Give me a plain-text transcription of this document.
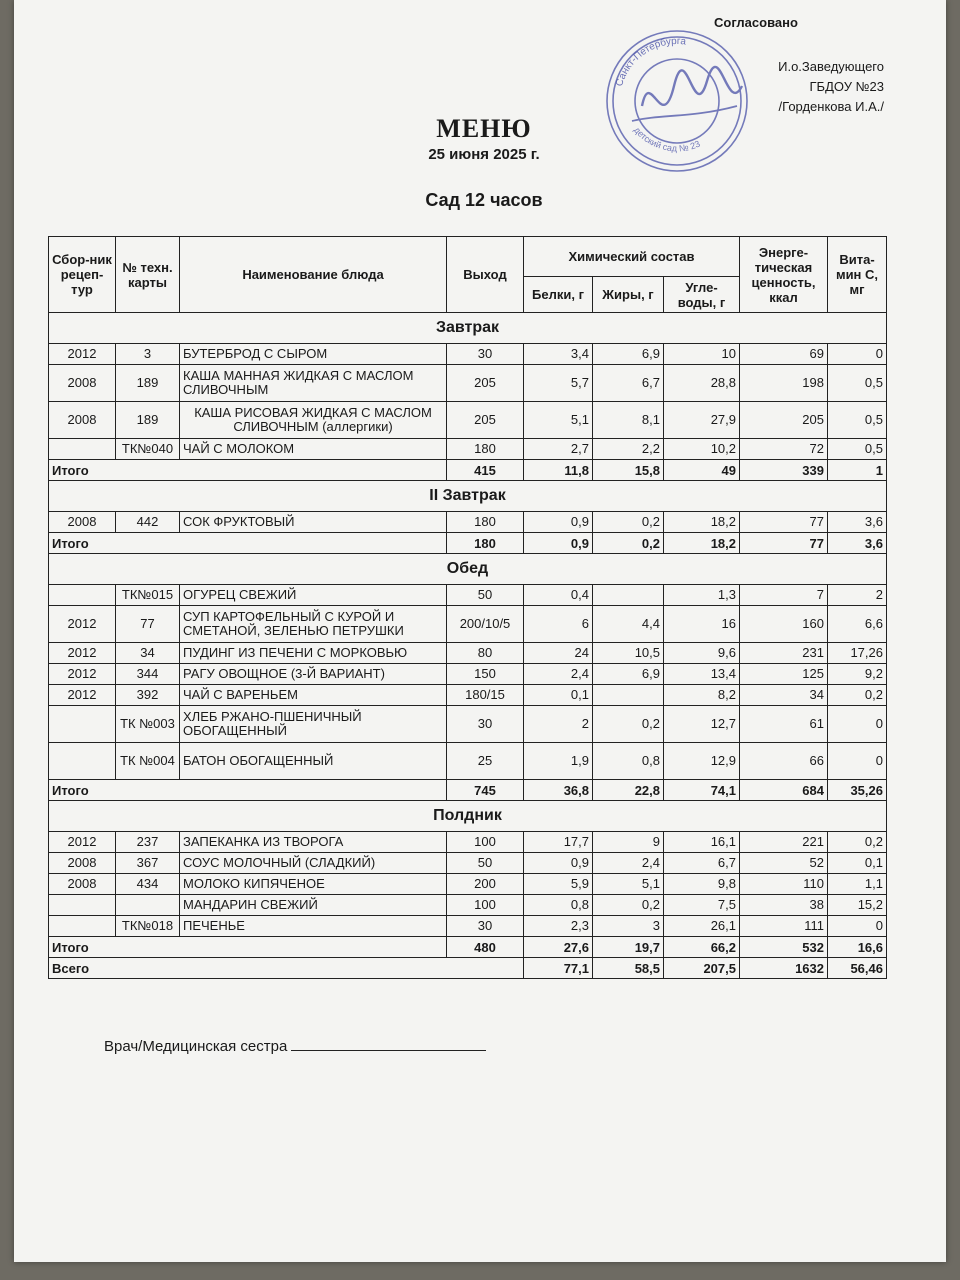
Согласовано
И.о.Заведующего
ГБДОУ №23
/Горденкова И.А./
Санкт-Петербурга
детский сад № 23
МЕНЮ
25 июня 2025 г.
Сад 12 часов
Сбор-ник рецеп-тур	№ техн. карты	Наименование блюда	Выход	Химический состав			Энерге-тическая ценность, ккал	Вита-мин С, мг
				Белки, г	Жиры, г	Угле-воды, г		
Завтрак								
2012	3	БУТЕРБРОД С СЫРОМ	30	3,4	6,9	10	69	0
2008	189	КАША МАННАЯ ЖИДКАЯ С МАСЛОМ СЛИВОЧНЫМ	205	5,7	6,7	28,8	198	0,5
2008	189	КАША РИСОВАЯ ЖИДКАЯ С МАСЛОМ СЛИВОЧНЫМ (аллергики)	205	5,1	8,1	27,9	205	0,5
	ТК№040	ЧАЙ С МОЛОКОМ	180	2,7	2,2	10,2	72	0,5
Итого			415	11,8	15,8	49	339	1
II Завтрак								
2008	442	СОК ФРУКТОВЫЙ	180	0,9	0,2	18,2	77	3,6
Итого			180	0,9	0,2	18,2	77	3,6
Обед								
	ТК№015	ОГУРЕЦ СВЕЖИЙ	50	0,4		1,3	7	2
2012	77	СУП КАРТОФЕЛЬНЫЙ С КУРОЙ И СМЕТАНОЙ, ЗЕЛЕНЬЮ ПЕТРУШКИ	200/10/5	6	4,4	16	160	6,6
2012	34	ПУДИНГ ИЗ ПЕЧЕНИ С МОРКОВЬЮ	80	24	10,5	9,6	231	17,26
2012	344	РАГУ ОВОЩНОЕ (3-Й ВАРИАНТ)	150	2,4	6,9	13,4	125	9,2
2012	392	ЧАЙ С ВАРЕНЬЕМ	180/15	0,1		8,2	34	0,2
	ТК №003	ХЛЕБ РЖАНО-ПШЕНИЧНЫЙ ОБОГАЩЕННЫЙ	30	2	0,2	12,7	61	0
	ТК №004	БАТОН ОБОГАЩЕННЫЙ	25	1,9	0,8	12,9	66	0
Итого			745	36,8	22,8	74,1	684	35,26
Полдник								
2012	237	ЗАПЕКАНКА ИЗ ТВОРОГА	100	17,7	9	16,1	221	0,2
2008	367	СОУС МОЛОЧНЫЙ (СЛАДКИЙ)	50	0,9	2,4	6,7	52	0,1
2008	434	МОЛОКО КИПЯЧЕНОЕ	200	5,9	5,1	9,8	110	1,1
		МАНДАРИН СВЕЖИЙ	100	0,8	0,2	7,5	38	15,2
	ТК№018	ПЕЧЕНЬЕ	30	2,3	3	26,1	111	0
Итого			480	27,6	19,7	66,2	532	16,6
Всего				77,1	58,5	207,5	1632	56,46
Врач/Медицинская сестра
